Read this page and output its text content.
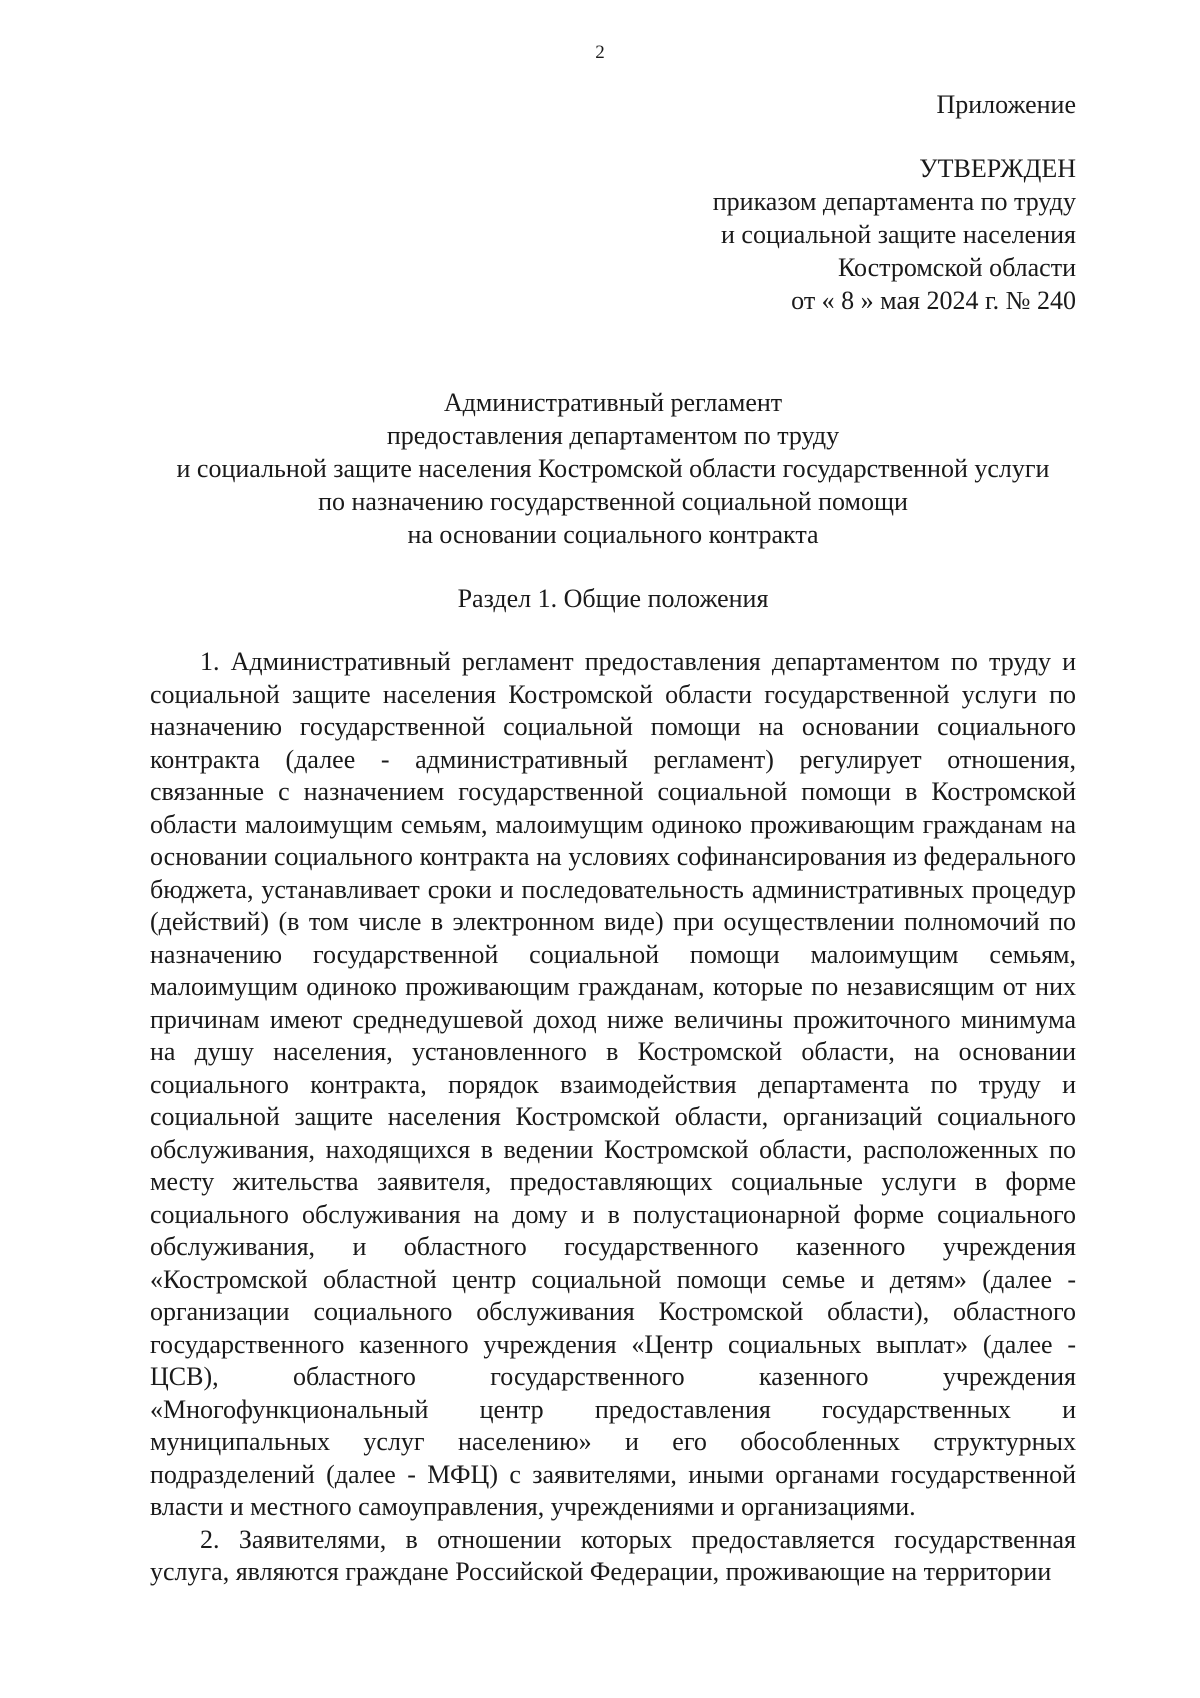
2

Приложение

УТВЕРЖДЕН

приказом департамента по труду

и социальной защите населения

Костромской области

от « 8 » мая 2024 г. № 240

Административный регламент

предоставления департаментом по труду

и социальной защите населения Костромской области государственной услуги

по назначению государственной социальной помощи

на основании социального контракта

Раздел 1. Общие положения

1. Административный регламент предоставления департаментом по труду и социальной защите населения Костромской области государственной услуги по назначению государственной социальной помощи на основании социального контракта (далее - административный регламент) регулирует отношения, связанные с назначением государственной социальной помощи в Костромской области малоимущим семьям, малоимущим одиноко проживающим гражданам на основании социального контракта на условиях софинансирования из федерального бюджета, устанавливает сроки и последовательность административных процедур (действий) (в том числе в электронном виде) при осуществлении полномочий по назначению государственной социальной помощи малоимущим семьям, малоимущим одиноко проживающим гражданам, которые по независящим от них причинам имеют среднедушевой доход ниже величины прожиточного минимума на душу населения, установленного в Костромской области, на основании социального контракта, порядок взаимодействия департамента по труду и социальной защите населения Костромской области, организаций социального обслуживания, находящихся в ведении Костромской области, расположенных по месту жительства заявителя, предоставляющих социальные услуги в форме социального обслуживания на дому и в полустационарной форме социального обслуживания, и областного государственного казенного учреждения «Костромской областной центр социальной помощи семье и детям» (далее - организации социального обслуживания Костромской области), областного государственного казенного учреждения «Центр социальных выплат» (далее - ЦСВ), областного государственного казенного учреждения «Многофункциональный центр предоставления государственных и муниципальных услуг населению» и его обособленных структурных подразделений (далее - МФЦ) с заявителями, иными органами государственной власти и местного самоуправления, учреждениями и организациями.

2. Заявителями, в отношении которых предоставляется государственная услуга, являются граждане Российской Федерации, проживающие на территории
